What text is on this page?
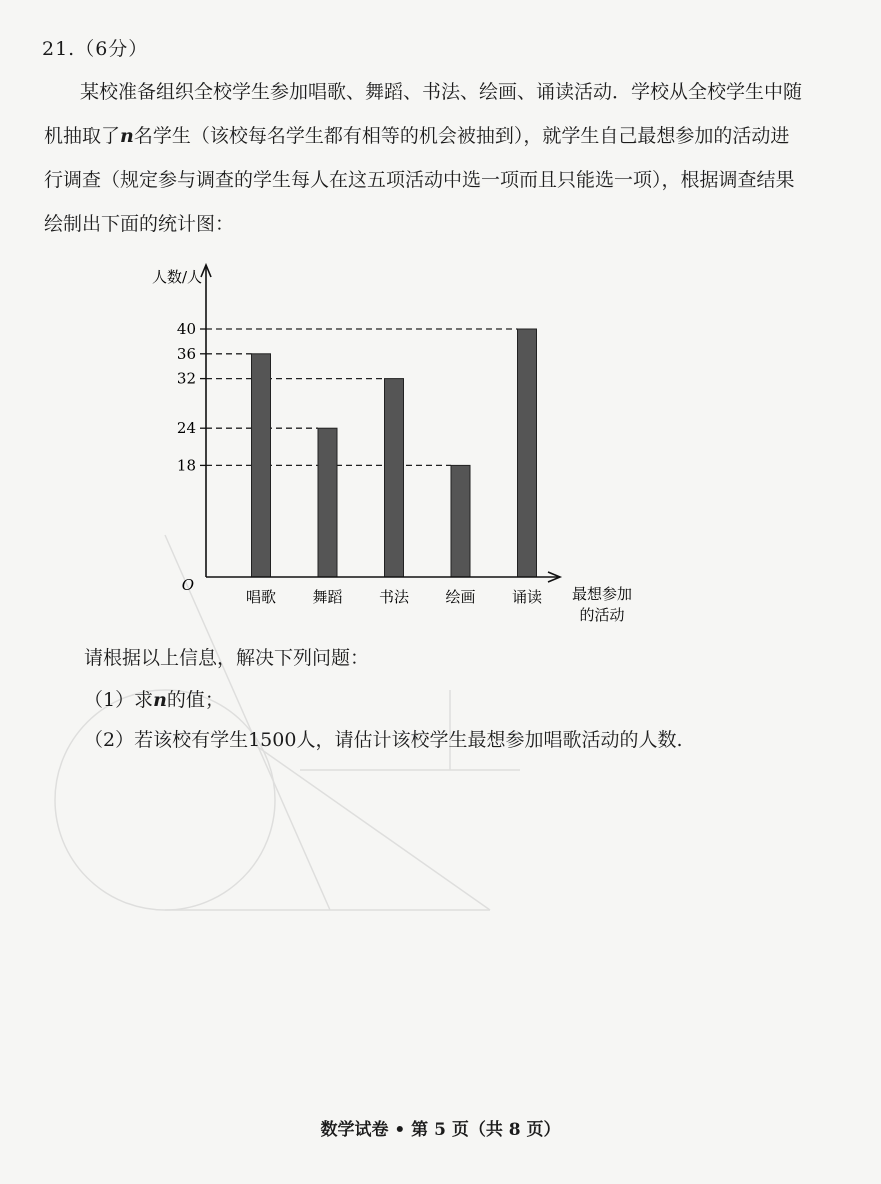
21.（6分）
某校准备组织全校学生参加唱歌、舞蹈、书法、绘画、诵读活动．学校从全校学生中随
机抽取了n名学生（该校每名学生都有相等的机会被抽到），就学生自己最想参加的活动进
行调查（规定参与调查的学生每人在这五项活动中选一项而且只能选一项），根据调查结果
绘制出下面的统计图：
18
24
32
36
40
唱歌 舞蹈 书法 绘画 诵读
人数/人
O	最想参加
的活动
请根据以上信息，解决下列问题：
（1）求n的值；
（2）若该校有学生1500人，请估计该校学生最想参加唱歌活动的人数.
数学试卷 • 第 5 页（共 8 页）
